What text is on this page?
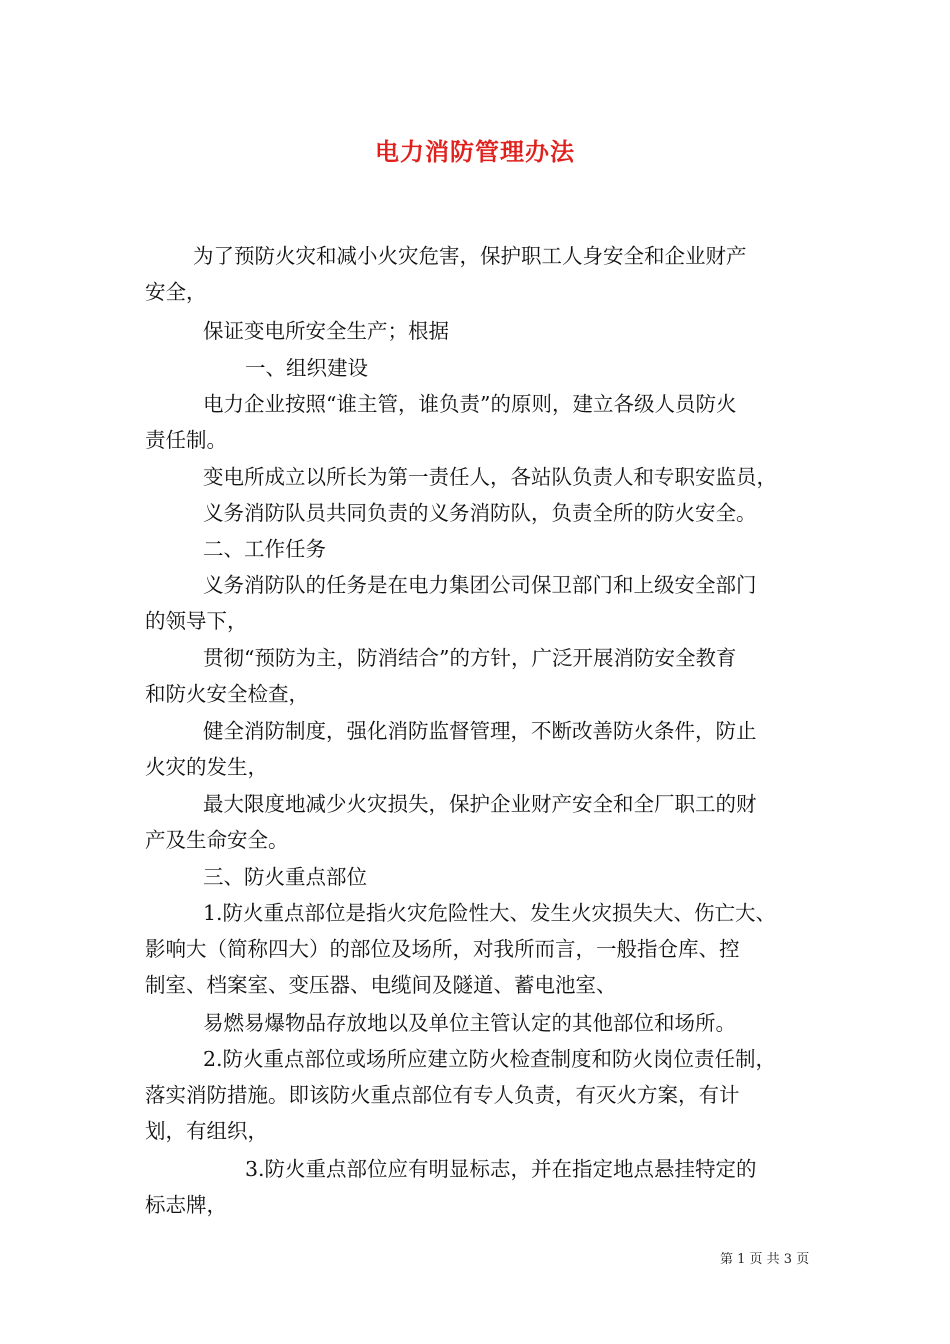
电力消防管理办法
为了预防火灾和减小火灾危害，保护职工人身安全和企业财产
安全，
保证变电所安全生产；根据
一、组织建设
电力企业按照“谁主管，谁负责”的原则，建立各级人员防火
责任制。
变电所成立以所长为第一责任人，各站队负责人和专职安监员，
义务消防队员共同负责的义务消防队，负责全所的防火安全。
二、工作任务
义务消防队的任务是在电力集团公司保卫部门和上级安全部门
的领导下，
贯彻“预防为主，防消结合”的方针，广泛开展消防安全教育
和防火安全检查，
健全消防制度，强化消防监督管理，不断改善防火条件，防止
火灾的发生，
最大限度地减少火灾损失，保护企业财产安全和全厂职工的财
产及生命安全。
三、防火重点部位
1.防火重点部位是指火灾危险性大、发生火灾损失大、伤亡大、
影响大（简称四大）的部位及场所，对我所而言，一般指仓库、控
制室、档案室、变压器、电缆间及隧道、蓄电池室、
易燃易爆物品存放地以及单位主管认定的其他部位和场所。
2.防火重点部位或场所应建立防火检查制度和防火岗位责任制，
落实消防措施。即该防火重点部位有专人负责，有灭火方案，有计
划，有组织，
3.防火重点部位应有明显标志，并在指定地点悬挂特定的
标志牌，
第 1 页 共 3 页
